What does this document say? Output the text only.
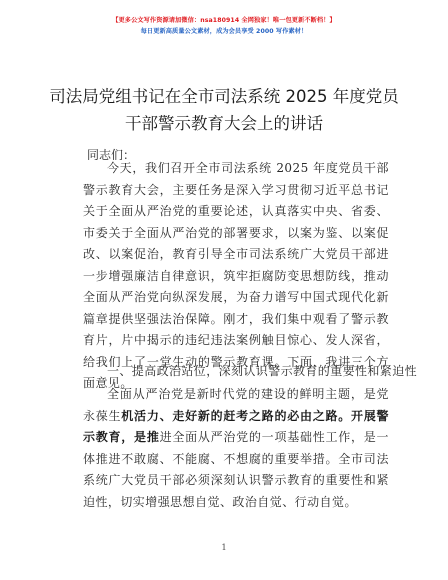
【更多公文写作资源请加微信：nsa180914 全网独家！唯一包更新不断档！】
每日更新高质量公文素材，成为会员享受 2000 写作素材！
司法局党组书记在全市司法系统 2025 年度党员
干部警示教育大会上的讲话
同志们：

今天，我们召开全市司法系统 2025 年度党员干部警示教育大会，主要任务是深入学习贯彻习近平总书记关于全面从严治党的重要论述，认真落实中央、省委、市委关于全面从严治党的部署要求，以案为鉴、以案促改、以案促治，教育引导全市司法系统广大党员干部进一步增强廉洁自律意识，筑牢拒腐防变思想防线，推动全面从严治党向纵深发展，为奋力谱写中国式现代化新篇章提供坚强法治保障。刚才，我们集中观看了警示教育片，片中揭示的违纪违法案例触目惊心、发人深省，给我们上了一堂生动的警示教育课。下面，我讲三个方面意见。

一、提高政治站位，深刻认识警示教育的重要性和紧迫性

全面从严治党是新时代党的建设的鲜明主题，是党永葆生机活力、走好新的赶考之路的必由之路。开展警示教育，是推进全面从严治党的一项基础性工作，是一体推进不敢腐、不能腐、不想腐的重要举措。全市司法系统广大党员干部必须深刻认识警示教育的重要性和紧迫性，切实增强思想自觉、政治自觉、行动自觉。

1
